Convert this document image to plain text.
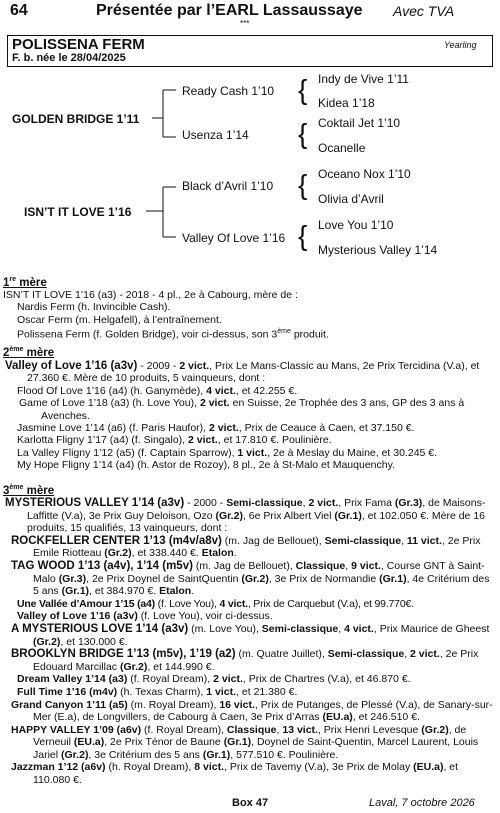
64	Présentée par l’EARL Lassaussaye Avec TVA
***
POLISSENA FERM	Yearling
F. b. née le 28/04/2025
GOLDEN BRIDGE 1’11
ISN’T IT LOVE 1’16
Ready Cash 1’10
Usenza 1’14
Black d’Avril 1’10
Valley Of Love 1’16
{
{
{
{
Indy de Vive 1’11
Kidea 1’18
Coktail Jet 1’10
Ocanelle
Oceano Nox 1’10
Olivia d’Avril
Love You 1’10
Mysterious Valley 1’14
1re mère
ISN’T IT LOVE 1’16 (a3) - 2018 - 4 pl., 2e à Cabourg, mère de :
Nardis Ferm (h. Invincible Cash).
Oscar Ferm (m. Helgafell), à l’entraînement.
Polissena Ferm (f. Golden Bridge), voir ci-dessus, son 3ème produit.
2ème mère
Valley of Love 1’16 (a3v) - 2009 - 2 vict., Prix Le Mans-Classic au Mans, 2e Prix Tercidina (V.a), et 27.360 €. Mère de 10 produits, 5 vainqueurs, dont :
Flood Of Love 1’16 (a4) (h. Ganymède), 4 vict., et 42.255 €.
Game of Love 1’18 (a3) (h. Love You), 2 vict. en Suisse, 2e Trophée des 3 ans, GP des 3 ans à Avenches.
Jasmine Love 1’14 (a6) (f. Paris Haufor), 2 vict., Prix de Ceauce à Caen, et 37.150 €.
Karlotta Fligny 1’17 (a4) (f. Singalo), 2 vict., et 17.810 €. Poulinière.
La Valley Fligny 1’12 (a5) (f. Captain Sparrow), 1 vict., 2e à Meslay du Maine, et 30.245 €.
My Hope Fligny 1’14 (a4) (h. Astor de Rozoy), 8 pl., 2e à St-Malo et Mauquenchy.
3ème mère
MYSTERIOUS VALLEY 1’14 (a3v) - 2000 - Semi-classique, 2 vict., Prix Fama (Gr.3), de Maisons-Laffitte (V.a), 3e Prix Guy Deloison, Ozo (Gr.2), 6e Prix Albert Viel (Gr.1), et 102.050 €. Mère de 16 produits, 15 qualifiés, 13 vainqueurs, dont :
ROCKFELLER CENTER 1’13 (m4v/a8v) (m. Jag de Bellouet), Semi-classique, 11 vict., 2e Prix Emile Riotteau (Gr.2), et 338.440 €. Etalon.
TAG WOOD 1’13 (a4v), 1’14 (m5v) (m. Jag de Bellouet), Classique, 9 vict., Course GNT à Saint-Malo (Gr.3), 2e Prix Doynel de SaintQuentin (Gr.2), 3e Prix de Normandie (Gr.1), 4e Critérium des 5 ans (Gr.1), et 384.970 €. Etalon.
Une Vallée d’Amour 1’15 (a4) (f. Love You), 4 vict., Prix de Carquebut (V.a), et 99.770€.
Valley of Love 1’16 (a3v) (f. Love You), voir ci-dessus.
A MYSTERIOUS LOVE 1’14 (a3v) (m. Love You), Semi-classique, 4 vict., Prix Maurice de Gheest (Gr.2), et 130.000 €.
BROOKLYN BRIDGE 1’13 (m5v), 1’19 (a2) (m. Quatre Juillet), Semi-classique, 2 vict., 2e Prix Edouard Marcillac (Gr.2), et 144.990 €.
Dream Valley 1’14 (a3) (f. Royal Dream), 2 vict., Prix de Chartres (V.a), et 46.870 €.
Full Time 1’16 (m4v) (h. Texas Charm), 1 vict., et 21.380 €.
Grand Canyon 1’11 (a5) (m. Royal Dream), 16 vict., Prix de Putanges, de Plessé (V.a), de Sanary-sur-Mer (E.a), de Longvillers, de Cabourg à Caen, 3e Prix d’Arras (EU.a), et 246.510 €.
HAPPY VALLEY 1’09 (a6v) (f. Royal Dream), Classique, 13 vict., Prix Henri Levesque (Gr.2), de Verneuil (EU.a), 2e Prix Ténor de Baune (Gr.1), Doynel de Saint-Quentin, Marcel Laurent, Louis Jariel (Gr.2), 3e Critérium des 5 ans (Gr.1), 577.510 €. Poulinière.
Jazzman 1’12 (a6v) (h. Royal Dream), 8 vict., Prix de Tavemy (V.a), 3e Prix de Molay (EU.a), et 110.080 €.
Box 47	Laval, 7 octobre 2026
